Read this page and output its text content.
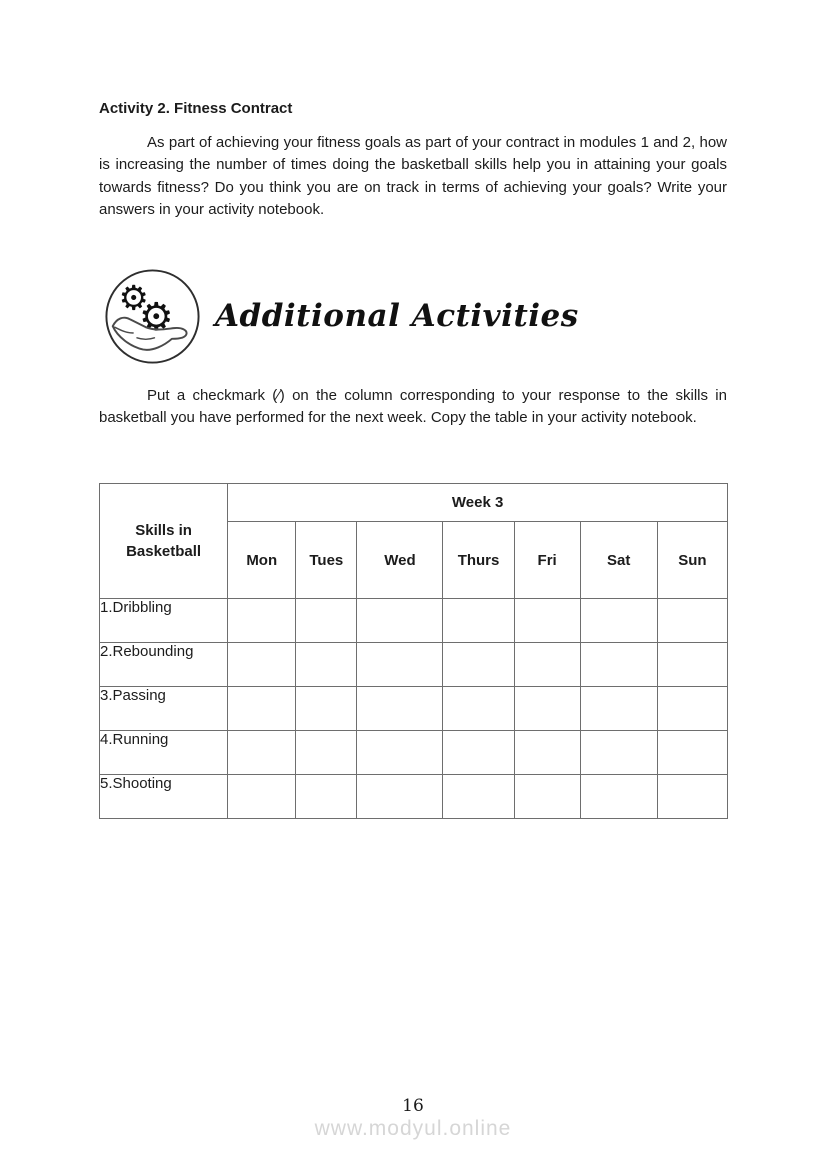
Activity 2. Fitness Contract
As part of achieving your fitness goals as part of your contract in modules 1 and 2, how is increasing the number of times doing the basketball skills help you in attaining your goals towards fitness? Do you think you are on track in terms of achieving your goals? Write your answers in your activity notebook.
⚙
⚙ Additional Activities
Put a checkmark (⁄) on the column corresponding to your response to the skills in basketball you have performed for the next week. Copy the table in your activity notebook.
Skills in Basketball	Week 3						
	Mon	Tues	Wed	Thurs	Fri	Sat	Sun
1.Dribbling							
2.Rebounding							
3.Passing							
4.Running							
5.Shooting							
16
www.modyul.online
